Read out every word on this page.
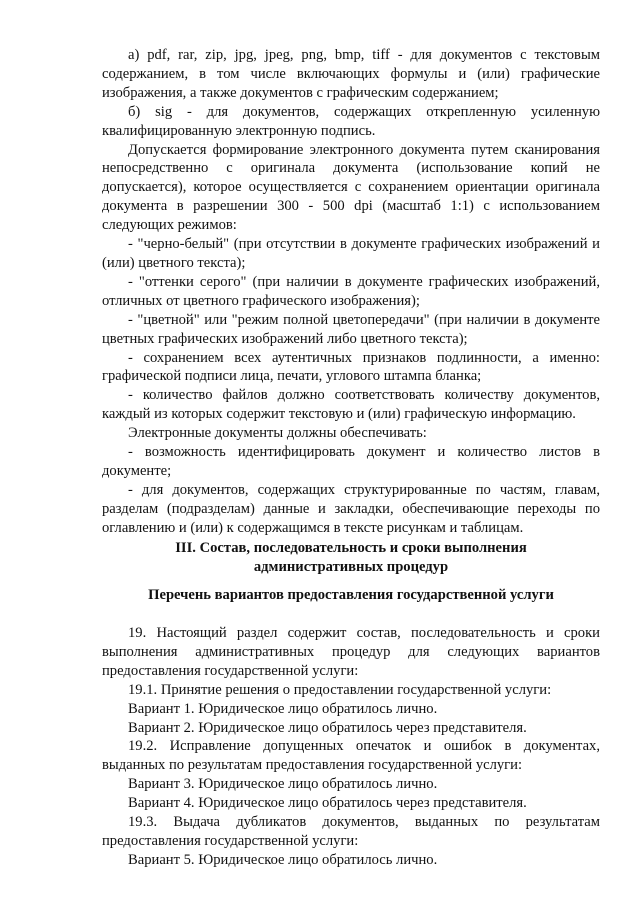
а) pdf, rar, zip, jpg, jpeg, png, bmp, tiff - для документов с текстовым содержанием, в том числе включающих формулы и (или) графические изображения, а также документов с графическим содержанием;

б) sig - для документов, содержащих открепленную усиленную квалифицированную электронную подпись.

Допускается формирование электронного документа путем сканирования непосредственно с оригинала документа (использование копий не допускается), которое осуществляется с сохранением ориентации оригинала документа в разрешении 300 - 500 dpi (масштаб 1:1) с использованием следующих режимов:

- "черно-белый" (при отсутствии в документе графических изображений и (или) цветного текста);

- "оттенки серого" (при наличии в документе графических изображений, отличных от цветного графического изображения);

- "цветной" или "режим полной цветопередачи" (при наличии в документе цветных графических изображений либо цветного текста);

- сохранением всех аутентичных признаков подлинности, а именно: графической подписи лица, печати, углового штампа бланка;

- количество файлов должно соответствовать количеству документов, каждый из которых содержит текстовую и (или) графическую информацию.

Электронные документы должны обеспечивать:

- возможность идентифицировать документ и количество листов в документе;

- для документов, содержащих структурированные по частям, главам, разделам (подразделам) данные и закладки, обеспечивающие переходы по оглавлению и (или) к содержащимся в тексте рисункам и таблицам.

III. Состав, последовательность и сроки выполнения
административных процедур
Перечень вариантов предоставления государственной услуги

19. Настоящий раздел содержит состав, последовательность и сроки выполнения административных процедур для следующих вариантов предоставления государственной услуги:

19.1. Принятие решения о предоставлении государственной услуги:

Вариант 1. Юридическое лицо обратилось лично.

Вариант 2. Юридическое лицо обратилось через представителя.

19.2. Исправление допущенных опечаток и ошибок в документах, выданных по результатам предоставления государственной услуги:

Вариант 3. Юридическое лицо обратилось лично.

Вариант 4. Юридическое лицо обратилось через представителя.

19.3. Выдача дубликатов документов, выданных по результатам предоставления государственной услуги:

Вариант 5. Юридическое лицо обратилось лично.
